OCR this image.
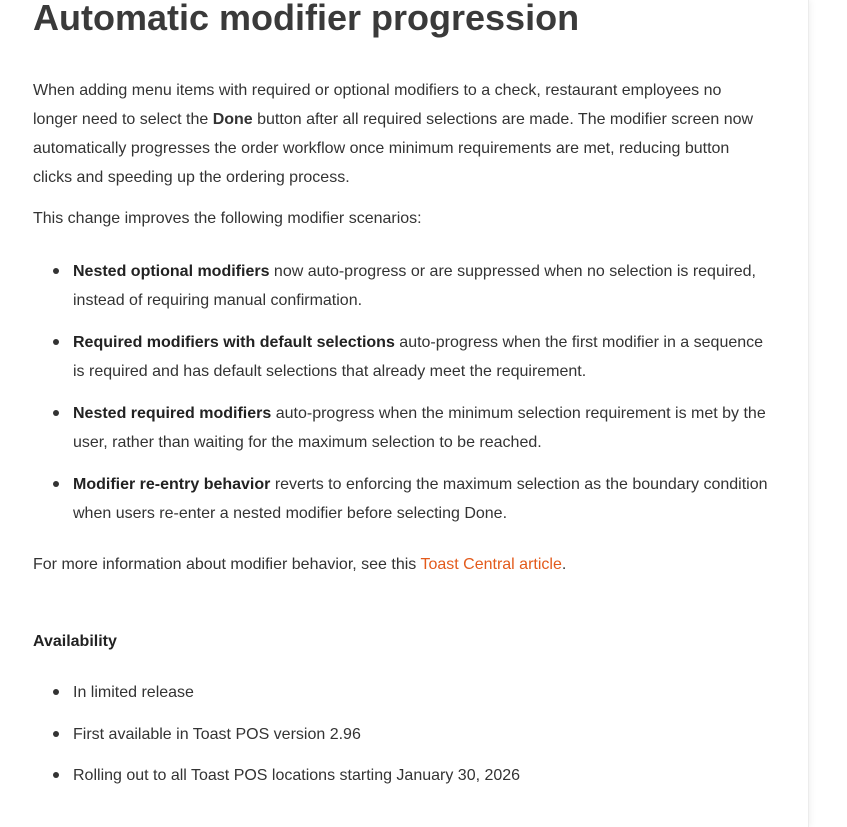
Automatic modifier progression

When adding menu items with required or optional modifiers to a check, restaurant employees no longer need to select the Done button after all required selections are made. The modifier screen now automatically progresses the order workflow once minimum requirements are met, reducing button clicks and speeding up the ordering process.

This change improves the following modifier scenarios:

Nested optional modifiers now auto-progress or are suppressed when no selection is required, instead of requiring manual confirmation.
Required modifiers with default selections auto-progress when the first modifier in a sequence is required and has default selections that already meet the requirement.
Nested required modifiers auto-progress when the minimum selection requirement is met by the user, rather than waiting for the maximum selection to be reached.
Modifier re-entry behavior reverts to enforcing the maximum selection as the boundary condition when users re-enter a nested modifier before selecting Done.

For more information about modifier behavior, see this Toast Central article.

Availability
In limited release
First available in Toast POS version 2.96
Rolling out to all Toast POS locations starting January 30, 2026
